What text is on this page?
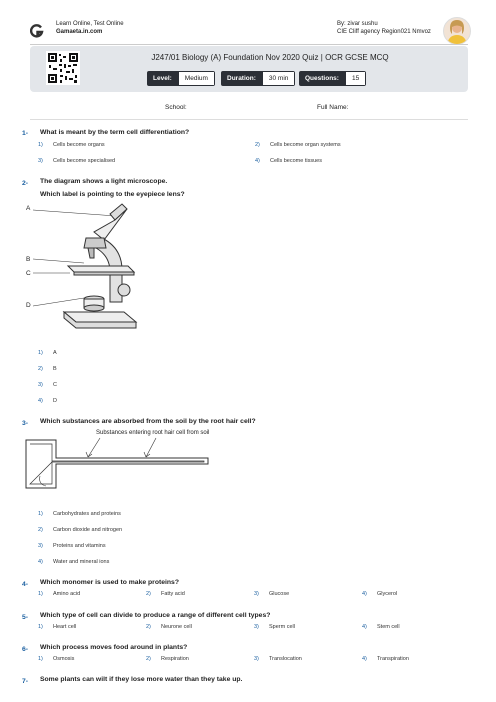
Learn Online, Test Online
Gamaeta.in.com
By: zivar sushu
CIE Cliff agency Region021 Nmvoz
J247/01 Biology (A) Foundation Nov 2020 Quiz | OCR GCSE MCQ
Level:	Medium	Duration:	30 min	Questions:	15
School:	Full Name:
1- What is meant by the term cell differentiation?
1) Cells become organs	2) Cells become organ systems
3) Cells become specialised	4) Cells become tissues
2- The diagram shows a light microscope.
Which label is pointing to the eyepiece lens?
A
B
C
D
1) A
2) B
3) C
4) D
3- Which substances are absorbed from the soil by the root hair cell?
Substances entering root hair cell from soil
1) Carbohydrates and proteins
2) Carbon dioxide and nitrogen
3) Proteins and vitamins
4) Water and mineral ions
4- Which monomer is used to make proteins?
1) Amino acid	2) Fatty acid	3) Glucose	4) Glycerol
5- Which type of cell can divide to produce a range of different cell types?
1) Heart cell	2) Neurone cell	3) Sperm cell	4) Stem cell
6- Which process moves food around in plants?
1) Osmosis	2) Respiration	3) Translocation	4) Transpiration
7- Some plants can wilt if they lose more water than they take up.
